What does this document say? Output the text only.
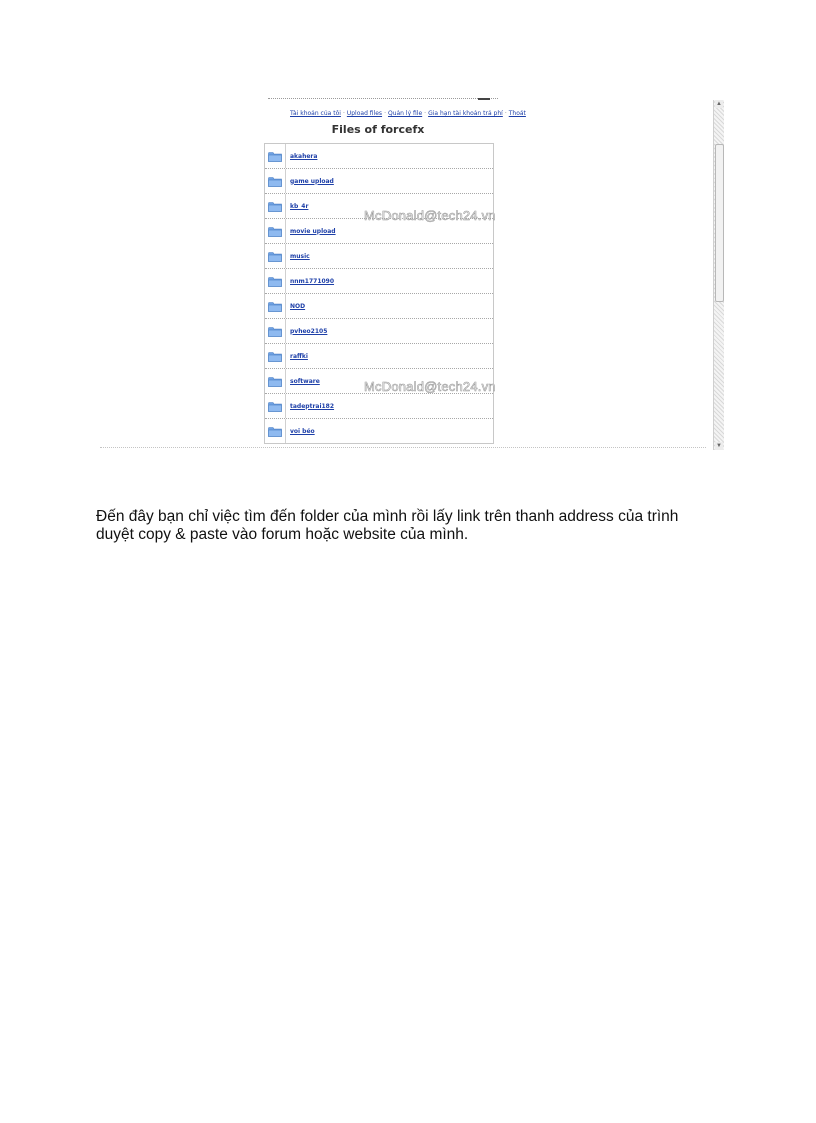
Tài khoản của tôi · Upload files · Quản lý file · Gia hạn tài khoản trả phí · Thoát
Files of forcefx
akahera
game upload
kb_4r
movie upload
music
nnm1771090
NOD
pvheo2105
raffki
software
tadeptrai182
voi béo
McDonald@tech24.vn
McDonald@tech24.vn
▲
▼
Đến đây bạn chỉ việc tìm đến folder của mình rồi lấy link trên thanh address của trình
duyệt copy & paste vào forum hoặc website của mình.
